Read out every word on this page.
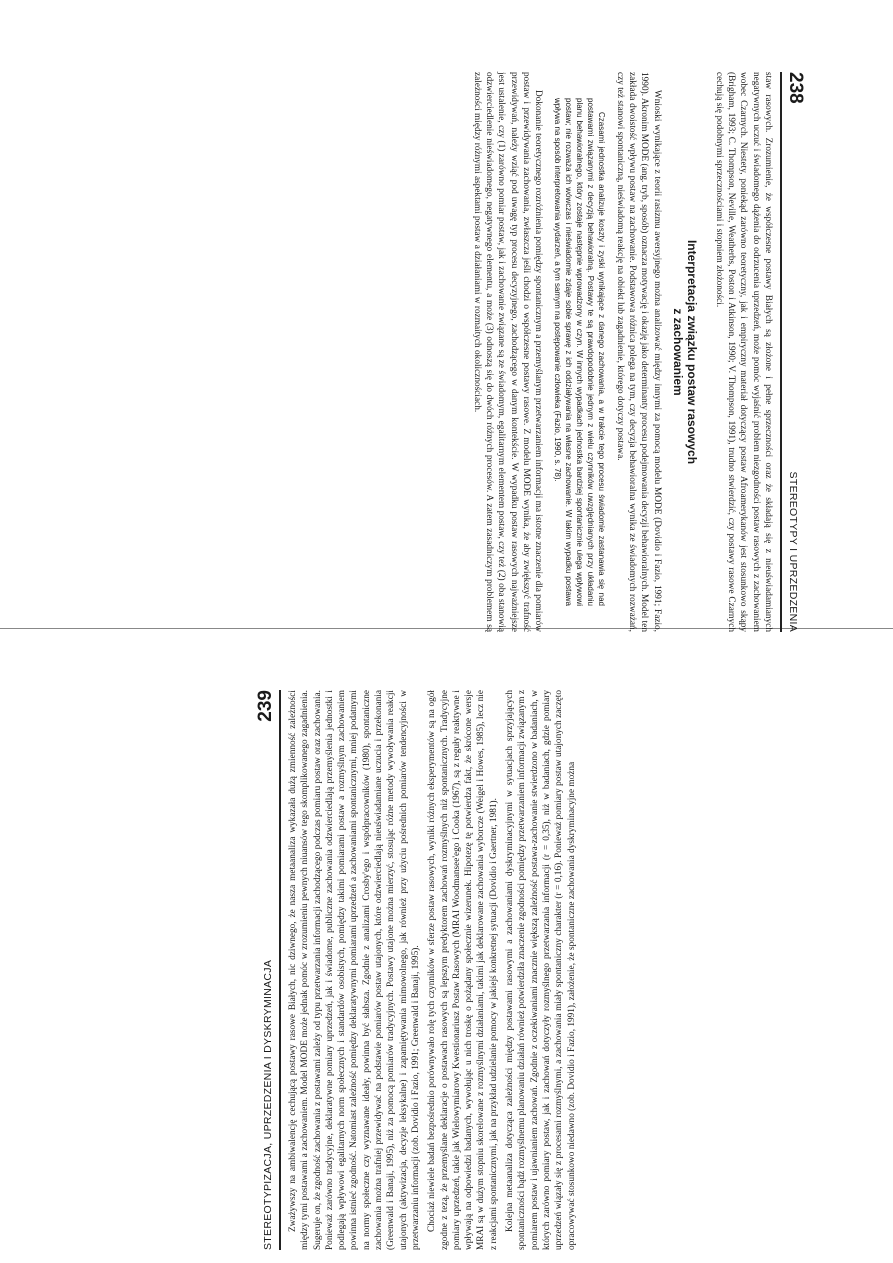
238
STEREOTYPY I UPRZEDZENIA

staw rasowych. Zrozumienie, że współczesne postawy Białych są złożone i pełne sprzeczności oraz że składają się z nieuświadamianych negatywnych uczuć i świadomego dążenia do odrzucenia uprzedzeń, może pomóc wyjaśnić problem niezgodności postaw rasowych z zachowaniem wobec Czarnych. Niestety, poniekąd zarówno teoretyczny, jak i empiryczny materiał dotyczący postaw Afroamerykanów jest stosunkowo skąpy (Brigham, 1993; C. Thompson, Neville, Weatherbs, Poston i Atkinson, 1990; V. Thompson, 1991), trudno stwierdzić, czy postawy rasowe Czarnych cechują się podobnymi sprzecznościami i stopniem złożoności.

Interpretacja związku postaw rasowych
z zachowaniem

Wnioski wynikające z teorii rasizmu awersyjnego można analizować między innymi za pomocą modelu MODE (Dovidio i Fazio, 1991; Fazio, 1990). Akronim MODE (ang. tryb, sposób) oznacza motywację i okazję jako determinanty procesu podejmowania decyzji behawioralnych. Model ten zakłada dwoistość wpływu postaw na zachowanie. Podstawowa różnica polega na tym, czy decyzja behawioralna wynika ze świadomych rozważań, czy też stanowi spontaniczną, nieświadomą reakcję na obiekt lub zagadnienie, którego dotyczy postawa.

Czasami jednostka analizuje koszty i zyski wynikające z danego zachowania, a w trakcie tego procesu świadomie zastanawia się nad postawami związanymi z decyzją behawioralną. Postawy te są prawdopodobnie jednym z wielu czynników uwzględnianych przy układaniu planu behawioralnego, który zostaje następnie wprowadzony w czyn. W innych wypadkach jednostka bardziej spontanicznie ulega wpływowi postaw; nie rozważa ich wówczas i nieświadomie zdaje sobie sprawę z ich oddziaływania na własne zachowanie. W takim wypadku postawa wpływa na sposób interpretowania wydarzeń, a tym samym na postępowanie człowieka (Fazio, 1990, s. 78).

Dokonanie teoretycznego rozróżnienia pomiędzy spontanicznym a przemyślanym przetwarzaniem informacji ma istotne znaczenie dla pomiarów postaw i przewidywania zachowania, zwłaszcza jeśli chodzi o współczesne postawy rasowe. Z modelu MODE wynika, że aby zwiększyć trafność przewidywań, należy wziąć pod uwagę typ procesu decyzyjnego, zachodzącego w danym kontekście. W wypadku postaw rasowych najważniejsze jest ustalenie, czy (1) zarówno pomiar postaw, jak i zachowanie związane są ze świadomym, egalitarnym elementem postaw, czy też (2) oba stanowią odzwierciedlenie nieświadomego, negatywnego elementu, a może (3) odnoszą się do dwóch różnych procesów. A zatem zasadniczym problemem są zależności między różnymi aspektami postaw a działaniami w rozmaitych okolicznościach.

STEREOTYPIZACJA, UPRZEDZENIA I DYSKRYMINACJA
239 Zważywszy na ambiwalencję cechującą postawy rasowe Białych, nic dziwnego, że nasza metaanaliza wykazała dużą zmienność zależności między tymi postawami a zachowaniem. Model MODE może jednak pomóc w zrozumieniu pewnych niuansów tego skomplikowanego zagadnienia. Sugeruje on, że zgodność zachowania z postawami zależy od typu przetwarzania informacji zachodzącego podczas pomiaru postaw oraz zachowania. Ponieważ zarówno tradycyjne, deklaratywne pomiary uprzedzeń, jak i świadome, publiczne zachowania odzwierciedlają przemyślenia jednostki i podlegają wpływowi egalitarnych norm społecznych i standardów osobistych, pomiędzy takimi pomiarami postaw a rozmyślnym zachowaniem powinna istnieć zgodność. Natomiast zależność pomiędzy deklaratywnymi pomiarami uprzedzeń a zachowaniami spontanicznymi, mniej podatnymi na normy społeczne czy wyznawane ideały, powinna być słabsza. Zgodnie z analizami Crosby'ego i współpracowników (1980), spontaniczne zachowania można trafniej przewidywać na podstawie pomiarów postaw utajonych, które odzwierciedlają nieuświadamiane uczucia i przekonania (Greenwald i Banaji, 1995), niż za pomocą pomiarów tradycyjnych. Postawy utajone można mierzyć, stosując różne metody wywoływania reakcji utajonych (aktywizacja, decyzje leksykalne) i zapamiętywania mimowolnego, jak również przy użyciu pośrednich pomiarów tendencyjności w przetwarzaniu informacji (zob. Dovidio i Fazio, 1991; Greenwald i Banaji, 1995). Chociaż niewiele badań bezpośrednio porównywało rolę tych czynników w sferze postaw rasowych, wyniki różnych eksperymentów są na ogół zgodne z tezą, że przemyślane deklaracje o postawach rasowych są lepszym predyktorem zachowań rozmyślnych niż spontanicznych. Tradycyjne pomiary uprzedzeń, takie jak Wielowymiarowy Kwestionariusz Postaw Rasowych (MRAI Woodmansee'ego i Cooka (1967), są z reguły reaktywne i wpływają na odpowiedzi badanych, wywołując u nich troskę o pożądany społecznie wizerunek. Hipotezę tę potwierdza fakt, że skrócone wersje MRAI są w dużym stopniu skorelowane z rozmyślnymi działaniami, takimi jak deklarowane zachowania wyborcze (Weigel i Howes, 1985), lecz nie z reakcjami spontanicznymi, jak na przykład udzielanie pomocy w jakiejś konkretnej sytuacji (Dovidio i Gaertner, 1981). Kolejna metaanaliza dotycząca zależności między postawami rasowymi a zachowaniami dyskryminacyjnymi w sytuacjach sprzyjających spontaniczności bądź rozmyślnemu planowaniu działań również potwierdziła znaczenie zgodności pomiędzy przetwarzaniem informacji związanym z pomiarem postaw i ujawnianiem zachowań. Zgodnie z oczekiwaniami znacznie większą zależność postawa-zachowanie stwierdzono w badaniach, w których zarówno pomiary postaw, jak i zachowań dotyczyły rozmyślnego przetwarzania informacji (r = 0,35), niż w badaniach, gdzie pomiary uprzedzeń wiązały się z procesami rozmyślnymi, a zachowania miały spontaniczny charakter (r = 0,16). Ponieważ pomiary postaw utajonych zaczęto opracowywać stosunkowo niedawno (zob. Dovidio i Fazio, 1991), założenie, że spontaniczne zachowania dyskryminacyjne można
